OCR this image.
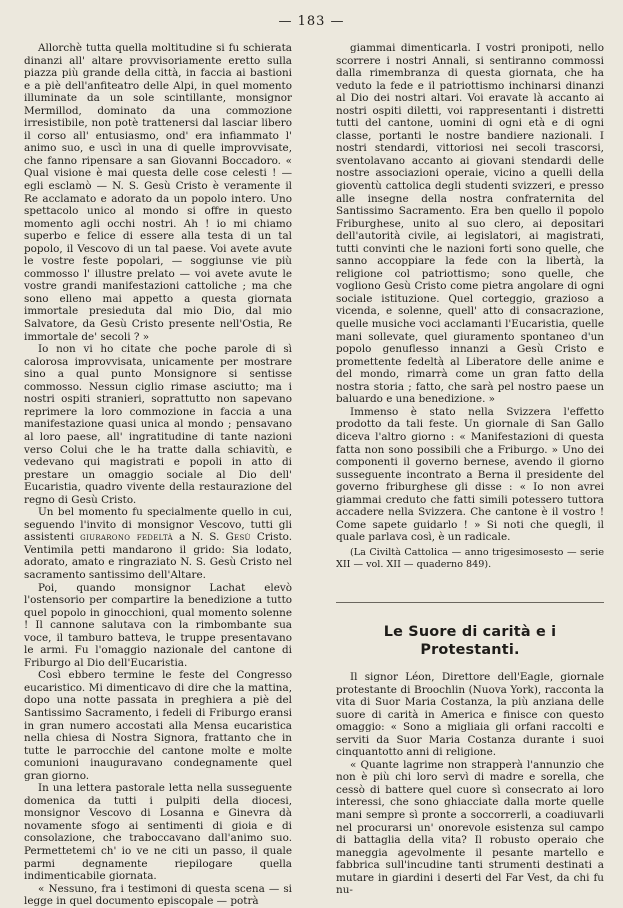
— 183 —

Allorchè tutta quella moltitudine si fu schierata dinanzi all' altare provvisoriamente eretto sulla piazza più grande della città, in faccia ai bastioni e a piè dell'anfiteatro delle Alpi, in quel momento illuminate da un sole scintillante, monsignor Mermillod, dominato da una commozione irresistibile, non potè trattenersi dal lasciar libero il corso all' entusiasmo, ond' era infiammato l' animo suo, e uscì in una di quelle improvvisate, che fanno ripensare a san Giovanni Boccadoro. « Qual visione è mai questa delle cose celesti ! — egli esclamò — N. S. Gesù Cristo è veramente il Re acclamato e adorato da un popolo intero. Uno spettacolo unico al mondo si offre in questo momento agli occhi nostri. Ah ! io mi chiamo superbo e felice di essere alla testa di un tal popolo, il Vescovo di un tal paese. Voi avete avute le vostre feste popolari, — soggiunse vie più commosso l' illustre prelato — voi avete avute le vostre grandi manifestazioni cattoliche ; ma che sono elleno mai appetto a questa giornata immortale presieduta dal mio Dio, dal mio Salvatore, da Gesù Cristo presente nell'Ostia, Re immortale de' secoli ? »

Io non vi ho citate che poche parole di sì calorosa improvvisata, unicamente per mostrare sino a qual punto Monsignore si sentisse commosso. Nessun ciglio rimase asciutto; ma i nostri ospiti stranieri, soprattutto non sapevano reprimere la loro commozione in faccia a una manifestazione quasi unica al mondo ; pensavano al loro paese, all' ingratitudine di tante nazioni verso Colui che le ha tratte dalla schiavitù, e vedevano qui magistrati e popoli in atto di prestare un omaggio sociale al Dio dell' Eucaristia, quadro vivente della restaurazione del regno di Gesù Cristo.

Un bel momento fu specialmente quello in cui, seguendo l'invito di monsignor Vescovo, tutti gli assistenti giurarono fedeltà a N. S. Gesù Cristo. Ventimila petti mandarono il grido: Sia lodato, adorato, amato e ringraziato N. S. Gesù Cristo nel sacramento santissimo dell'Altare.

Poi, quando monsignor Lachat elevò l'ostensorio per compartire la benedizione a tutto quel popolo in ginocchioni, qual momento solenne ! Il cannone salutava con la rimbombante sua voce, il tamburo batteva, le truppe presentavano le armi. Fu l'omaggio nazionale del cantone di Friburgo al Dio dell'Eucaristia.

Così ebbero termine le feste del Congresso eucaristico. Mi dimenticavo di dire che la mattina, dopo una notte passata in preghiera a piè del Santissimo Sacramento, i fedeli di Friburgo eransi in gran numero accostati alla Mensa eucaristica nella chiesa di Nostra Signora, frattanto che in tutte le parrocchie del cantone molte e molte comunioni inauguravano condegnamente quel gran giorno.

In una lettera pastorale letta nella susseguente domenica da tutti i pulpiti della diocesi, monsignor Vescovo di Losanna e Ginevra dà novamente sfogo ai sentimenti di gioia e di consolazione, che traboccavano dall'animo suo. Permettetemi ch' io ve ne citi un passo, il quale parmi degnamente riepilogare quella indimenticabile giornata.

« Nessuno, fra i testimoni di questa scena — si legge in quel documento episcopale — potrà

giammai dimenticarla. I vostri pronipoti, nello scorrere i nostri Annali, si sentiranno commossi dalla rimembranza di questa giornata, che ha veduto la fede e il patriottismo inchinarsi dinanzi al Dio dei nostri altari. Voi eravate là accanto ai nostri ospiti diletti, voi rappresentanti i distretti tutti del cantone, uomini di ogni età e di ogni classe, portanti le nostre bandiere nazionali. I nostri stendardi, vittoriosi nei secoli trascorsi, sventolavano accanto ai giovani stendardi delle nostre associazioni operaie, vicino a quelli della gioventù cattolica degli studenti svizzeri, e presso alle insegne della nostra confraternita del Santissimo Sacramento. Era ben quello il popolo Friburghese, unito al suo clero, ai depositari dell'autorità civile, ai legislatori, ai magistrati, tutti convinti che le nazioni forti sono quelle, che sanno accoppiare la fede con la libertà, la religione col patriottismo; sono quelle, che vogliono Gesù Cristo come pietra angolare di ogni sociale istituzione. Quel corteggio, grazioso a vicenda, e solenne, quell' atto di consacrazione, quelle musiche voci acclamanti l'Eucaristia, quelle mani sollevate, quel giuramento spontaneo d'un popolo genuflesso innanzi a Gesù Cristo e promettente fedeltà al Liberatore delle anime e del mondo, rimarrà come un gran fatto della nostra storia ; fatto, che sarà pel nostro paese un baluardo e una benedizione. »

Immenso è stato nella Svizzera l'effetto prodotto da tali feste. Un giornale di San Gallo diceva l'altro giorno : « Manifestazioni di questa fatta non sono possibili che a Friburgo. » Uno dei componenti il governo bernese, avendo il giorno susseguente incontrato a Berna il presidente del governo friburghese gli disse : « Io non avrei giammai creduto che fatti simili potessero tuttora accadere nella Svizzera. Che cantone è il vostro ! Come sapete guidarlo ! » Si noti che quegli, il quale parlava così, è un radicale.

(La Civiltà Cattolica — anno trigesimosesto — serie XII — vol. XII — quaderno 849).

Le Suore di carità e i Protestanti.

Il signor Léon, Direttore dell'Eagle, giornale protestante di Broochlin (Nuova York), racconta la vita di Suor Maria Costanza, la più anziana delle suore di carità in America e finisce con questo omaggio: « Sono a migliaia gli orfani raccolti e serviti da Suor Maria Costanza durante i suoi cinquantotto anni di religione.

« Quante lagrime non strapperà l'annunzio che non è più chi loro servì di madre e sorella, che cessò di battere quel cuore sì consecrato ai loro interessi, che sono ghiacciate dalla morte quelle mani sempre sì pronte a soccorrerli, a coadiuvarli nel procurarsi un' onorevole esistenza sul campo di battaglia della vita? Il robusto operaio che maneggia agevolmente il pesante martello e fabbrica sull'incudine tanti strumenti destinati a mutare in giardini i deserti del Far Vest, da chi fu nu-
